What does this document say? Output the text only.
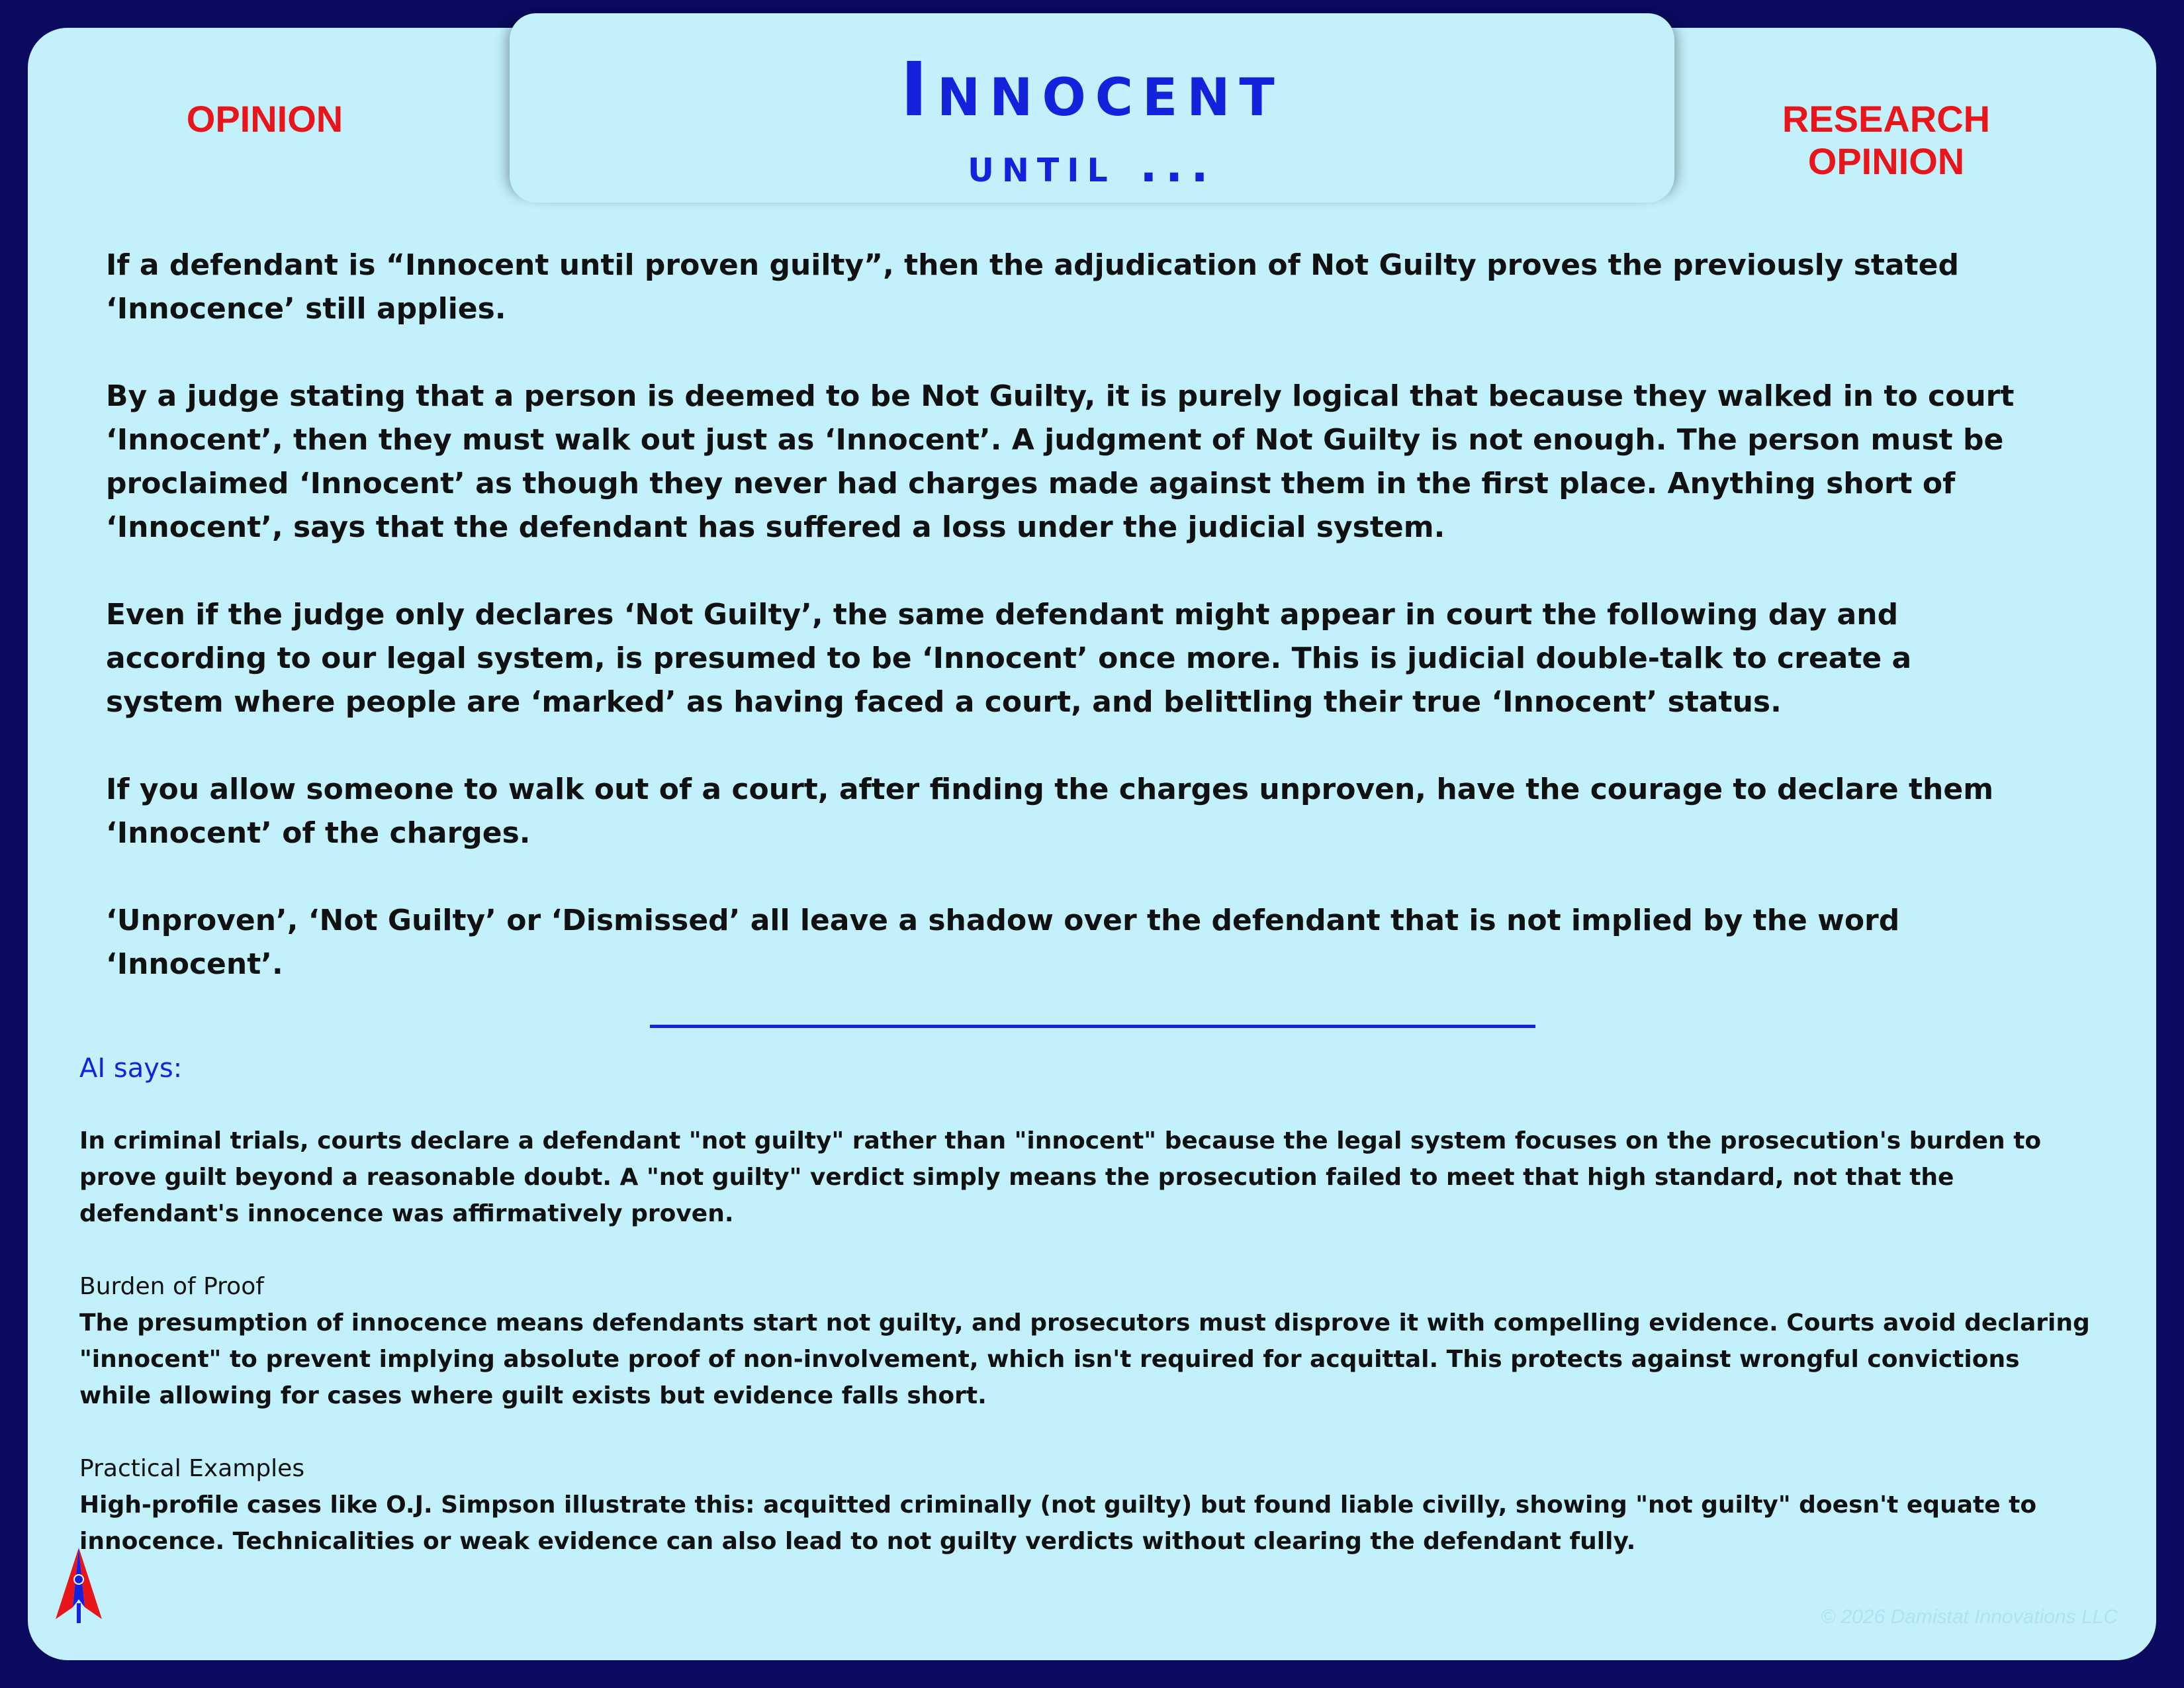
Innocent
until ...
OPINION	RESEARCH
OPINION

If a defendant is “Innocent until proven guilty”, then the adjudication of Not Guilty proves the previously stated ‘Innocence’ still applies.

By a judge stating that a person is deemed to be Not Guilty, it is purely logical that because they walked in to court ‘Innocent’, then they must walk out just as ‘Innocent’. A judgment of Not Guilty is not enough. The person must be proclaimed ‘Innocent’ as though they never had charges made against them in the first place. Anything short of ‘Innocent’, says that the defendant has suffered a loss under the judicial system.

Even if the judge only declares ‘Not Guilty’, the same defendant might appear in court the following day and according to our legal system, is presumed to be ‘Innocent’ once more. This is judicial double-talk to create a system where people are ‘marked’ as having faced a court, and belittling their true ‘Innocent’ status.

If you allow someone to walk out of a court, after finding the charges unproven, have the courage to declare them ‘Innocent’ of the charges.

‘Unproven’, ‘Not Guilty’ or ‘Dismissed’ all leave a shadow over the defendant that is not implied by the word ‘Innocent’.

AI says:

In criminal trials, courts declare a defendant "not guilty" rather than "innocent" because the legal system focuses on the prosecution's burden to prove guilt beyond a reasonable doubt. A "not guilty" verdict simply means the prosecution failed to meet that high standard, not that the defendant's innocence was affirmatively proven.

Burden of Proof
The presumption of innocence means defendants start not guilty, and prosecutors must disprove it with compelling evidence. Courts avoid declaring "innocent" to prevent implying absolute proof of non-involvement, which isn't required for acquittal. This protects against wrongful convictions while allowing for cases where guilt exists but evidence falls short.

Practical Examples
High-profile cases like O.J. Simpson illustrate this: acquitted criminally (not guilty) but found liable civilly, showing "not guilty" doesn't equate to innocence. Technicalities or weak evidence can also lead to not guilty verdicts without clearing the defendant fully.

© 2026 Damistat Innovations LLC
